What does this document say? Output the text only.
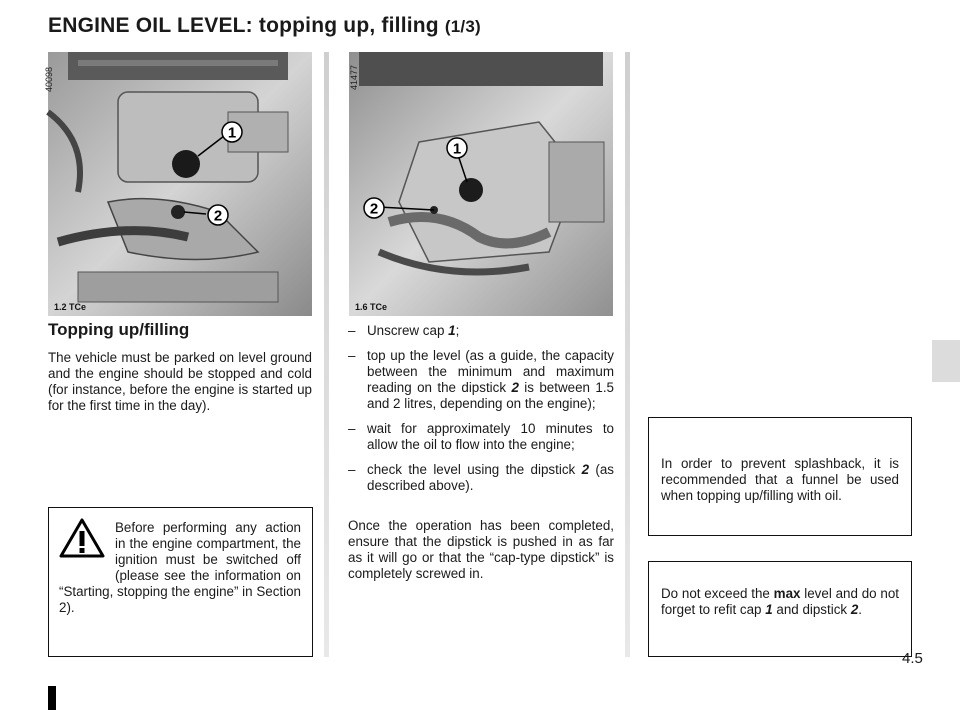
ENGINE OIL LEVEL: topping up, filling (1/3)
1
2
1.2 TCe
40098
1
2
1.6 TCe
41477
Topping up/filling

The vehicle must be parked on level ground and the engine should be stopped and cold (for instance, before the engine is started up for the first time in the day).

Before performing any action in the engine compartment, the ignition must be switched off (please see the information on “Starting, stopping the engine” in Section 2).
– Unscrew cap 1;
– top up the level (as a guide, the capacity between the minimum and maximum reading on the dipstick 2 is between 1.5 and 2 litres, depending on the engine);
– wait for approximately 10 minutes to allow the oil to flow into the engine;
– check the level using the dipstick 2 (as described above).

Once the operation has been completed, ensure that the dipstick is pushed in as far as it will go or that the “cap-type dipstick” is completely screwed in.

In order to prevent splashback, it is recommended that a funnel be used when topping up/filling with oil.
Do not exceed the max level and do not forget to refit cap 1 and dipstick 2.
4.5
